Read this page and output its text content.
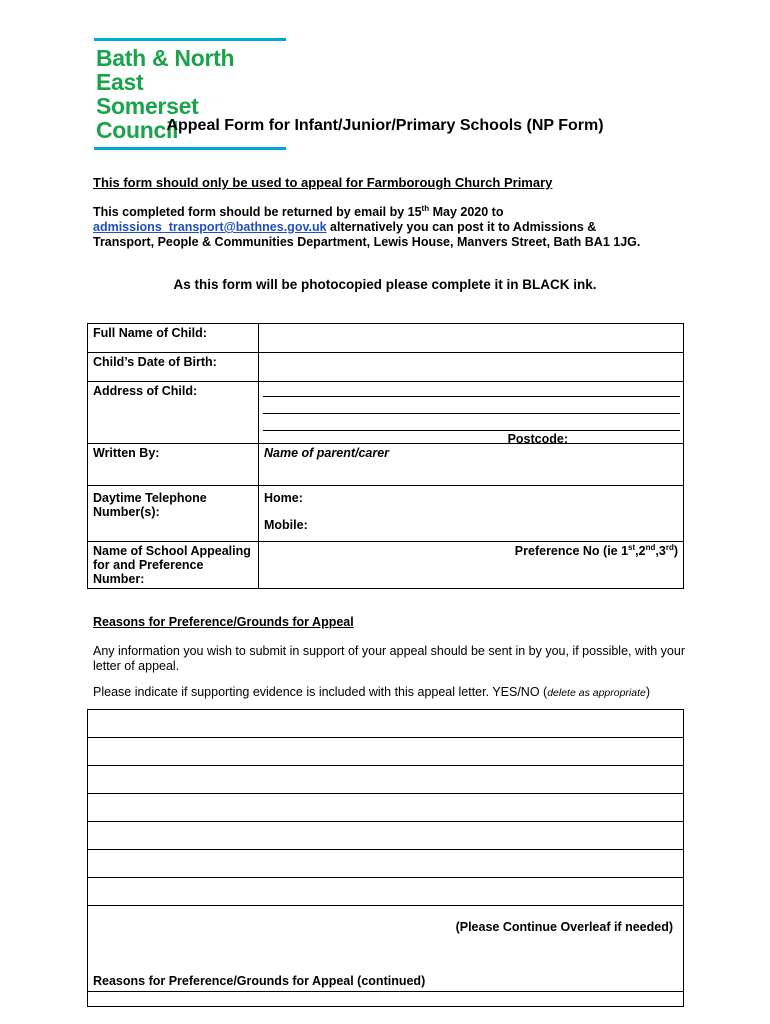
Bath & North East
Somerset Council
Appeal Form for Infant/Junior/Primary Schools (NP Form)
This form should only be used to appeal for Farmborough Church Primary
This completed form should be returned by email by 15th May 2020 to
admissions_transport@bathnes.gov.uk alternatively you can post it to Admissions &
Transport, People & Communities Department, Lewis House, Manvers Street, Bath BA1 1JG.
As this form will be photocopied please complete it in BLACK ink.
Full Name of Child:	
Child’s Date of Birth:	
Address of Child:	Postcode:

Written By:	Name of parent/carer
Daytime Telephone Number(s):	Home:
Mobile:

Name of School Appealing for and Preference Number:	Preference No (ie 1st,2nd,3rd)
Reasons for Preference/Grounds for Appeal
Any information you wish to submit in support of your appeal should be sent in by you, if possible, with your letter of appeal.
Please indicate if supporting evidence is included with this appeal letter. YES/NO (delete as appropriate)

(Please Continue Overleaf if needed)
Reasons for Preference/Grounds for Appeal (continued)
